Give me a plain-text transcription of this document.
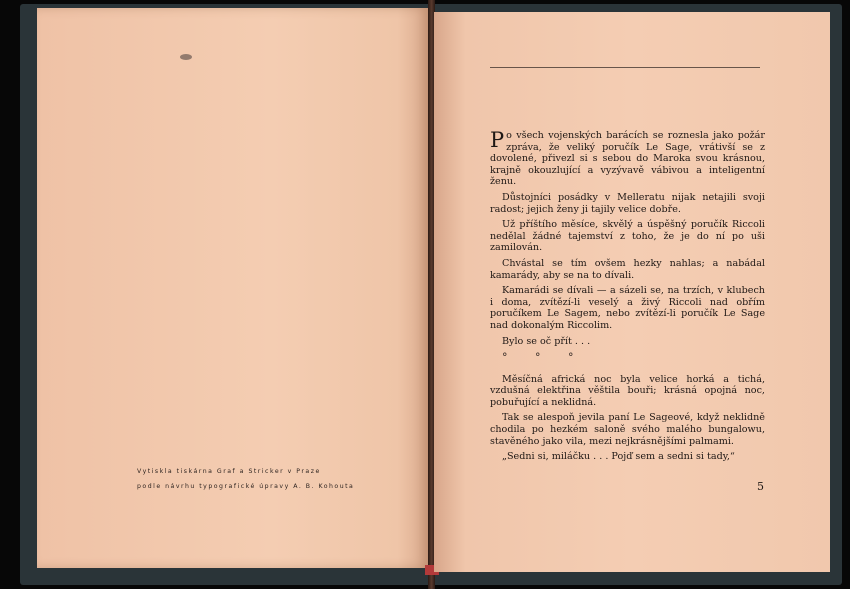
Vytiskla tiskárna Graf a Stricker v Praze
podle návrhu typografické úpravy A. B. Kohouta

Po všech vojenských barácích se roznesla jako požár zpráva, že veliký poručík Le Sage, vrátivší se z dovolené, přivezl si s sebou do Maroka svou krásnou, krajně okouzlující a vyzývavě vábivou a inteligentní ženu.

Důstojníci posádky v Melleratu nijak netajili svoji radost; jejich ženy ji tajily velice dobře.

Už příštího měsíce, skvělý a úspěšný poručík Riccoli nedělal žádné tajemství z toho, že je do ní po uši zamilován.

Chvástal se tím ovšem hezky nahlas; a nabádal kamarády, aby se na to dívali.

Kamarádi se dívali — a sázeli se, na trzích, v klubech i doma, zvítězí-li veselý a živý Riccoli nad obřím poručíkem Le Sagem, nebo zvítězí-li poručík Le Sage nad dokonalým Riccolim.

Bylo se oč přít . . .

° ° °

Měsíčná africká noc byla velice horká a tichá, vzdušná elektřina věštila bouři; krásná opojná noc, pobuřující a neklidná.

Tak se alespoň jevila paní Le Sageové, když neklidně chodila po hezkém saloně svého malého bungalowu, stavěného jako vila, mezi nejkrásnějšími palmami.

„Sedni si, miláčku . . . Pojď sem a sedni si tady,“

5
